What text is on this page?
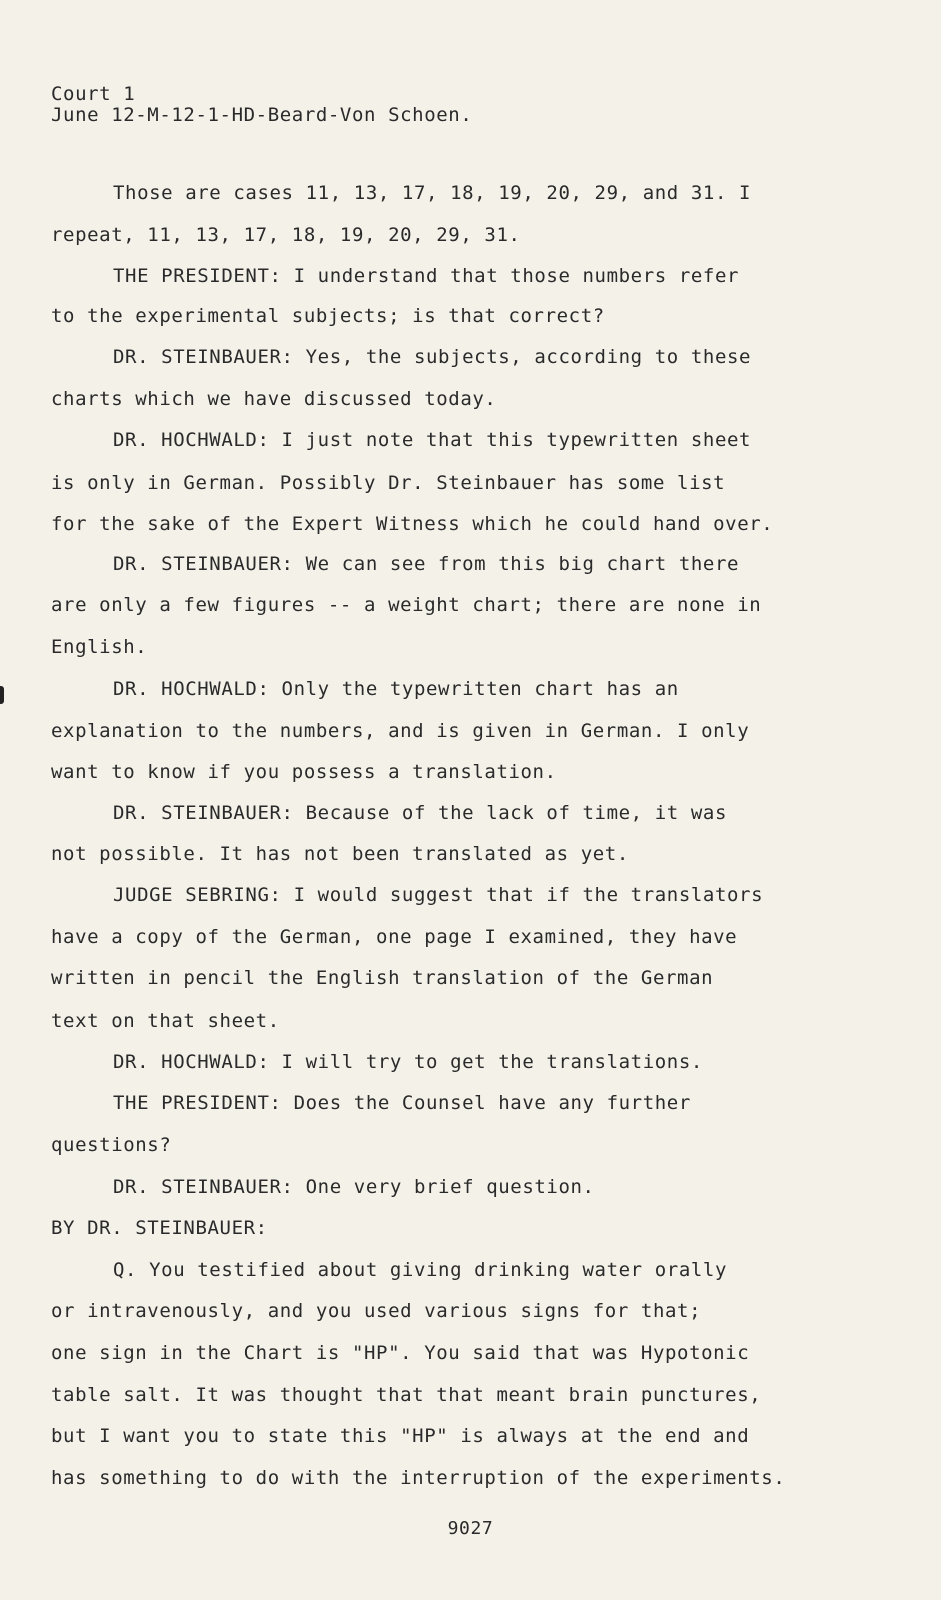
Court 1
June 12-M-12-1-HD-Beard-Von Schoen.
Those are cases 11, 13, 17, 18, 19, 20, 29, and 31. I
repeat, 11, 13, 17, 18, 19, 20, 29, 31.
THE PRESIDENT: I understand that those numbers refer
to the experimental subjects; is that correct?
DR. STEINBAUER: Yes, the subjects, according to these
charts which we have discussed today.
DR. HOCHWALD: I just note that this typewritten sheet
is only in German. Possibly Dr. Steinbauer has some list
for the sake of the Expert Witness which he could hand over.
DR. STEINBAUER: We can see from this big chart there
are only a few figures -- a weight chart; there are none in
English.
DR. HOCHWALD: Only the typewritten chart has an
explanation to the numbers, and is given in German. I only
want to know if you possess a translation.
DR. STEINBAUER: Because of the lack of time, it was
not possible. It has not been translated as yet.
JUDGE SEBRING: I would suggest that if the translators
have a copy of the German, one page I examined, they have
written in pencil the English translation of the German
text on that sheet.
DR. HOCHWALD: I will try to get the translations.
THE PRESIDENT: Does the Counsel have any further
questions?
DR. STEINBAUER: One very brief question.
BY DR. STEINBAUER:
Q. You testified about giving drinking water orally
or intravenously, and you used various signs for that;
one sign in the Chart is "HP". You said that was Hypotonic
table salt. It was thought that that meant brain punctures,
but I want you to state this "HP" is always at the end and
has something to do with the interruption of the experiments.
9027
